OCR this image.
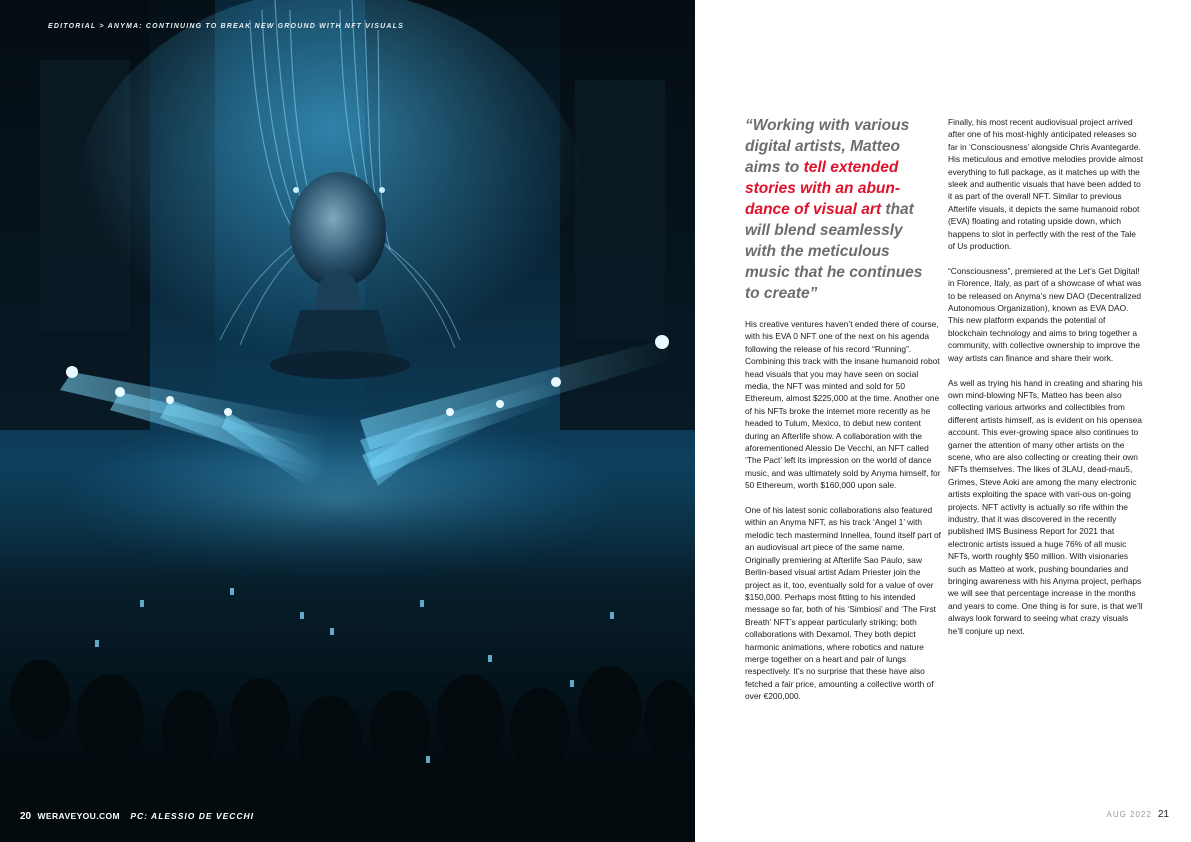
EDITORIAL > ANYMA: CONTINUING TO BREAK NEW GROUND WITH NFT VISUALS
20 WERAVEYOU.COM PC: ALESSIO DE VECCHI

“Working with various digital artists, Matteo aims to tell extended stories with an abun-dance of visual art that will blend seamlessly with the meticulous music that he continues to create”

His creative ventures haven’t ended there of course, with his EVA 0 NFT one of the next on his agenda following the release of his record “Running”. Combining this track with the insane humanoid robot head visuals that you may have seen on social media, the NFT was minted and sold for 50 Ethereum, almost $225,000 at the time. Another one of his NFTs broke the internet more recently as he headed to Tulum, Mexico, to debut new content during an Afterlife show. A collaboration with the aforementioned Alessio De Vecchi, an NFT called ‘The Pact’ left its impression on the world of dance music, and was ultimately sold by Anyma himself, for 50 Ethereum, worth $160,000 upon sale.

One of his latest sonic collaborations also featured within an Anyma NFT, as his track ‘Angel 1’ with melodic tech mastermind Innellea, found itself part of an audiovisual art piece of the same name. Originally premiering at Afterlife Sao Paulo, saw Berlin-based visual artist Adam Priester join the project as it, too, eventually sold for a value of over $150,000. Perhaps most fitting to his intended message so far, both of his ‘Simbiosi’ and ‘The First Breath’ NFT’s appear particularly striking; both collaborations with Dexamol. They both depict harmonic animations, where robotics and nature merge together on a heart and pair of lungs respectively. It’s no surprise that these have also fetched a fair price, amounting a collective worth of over €200,000.

Finally, his most recent audiovisual project arrived after one of his most-highly anticipated releases so far in ‘Consciousness’ alongside Chris Avantegarde. His meticulous and emotive melodies provide almost everything to full package, as it matches up with the sleek and authentic visuals that have been added to it as part of the overall NFT. Similar to previous Afterlife visuals, it depicts the same humanoid robot (EVA) floating and rotating upside down, which happens to slot in perfectly with the rest of the Tale of Us production.

“Consciousness”, premiered at the Let’s Get Digital! in Florence, Italy, as part of a showcase of what was to be released on Anyma’s new DAO (Decentralized Autonomous Organization), known as EVA DAO. This new platform expands the potential of blockchain technology and aims to bring together a community, with collective ownership to improve the way artists can finance and share their work.

As well as trying his hand in creating and sharing his own mind-blowing NFTs, Matteo has been also collecting various artworks and collectibles from different artists himself, as is evident on his opensea account. This ever-growing space also continues to garner the attention of many other artists on the scene, who are also collecting or creating their own NFTs themselves. The likes of 3LAU, dead-mau5, Grimes, Steve Aoki are among the many electronic artists exploiting the space with vari-ous on-going projects. NFT activity is actually so rife within the industry, that it was discovered in the recently published IMS Business Report for 2021 that electronic artists issued a huge 76% of all music NFTs, worth roughly $50 million. With visionaries such as Matteo at work, pushing boundaries and bringing awareness with his Anyma project, perhaps we will see that percentage increase in the months and years to come. One thing is for sure, is that we’ll always look forward to seeing what crazy visuals he’ll conjure up next.

AUG 2022 21
